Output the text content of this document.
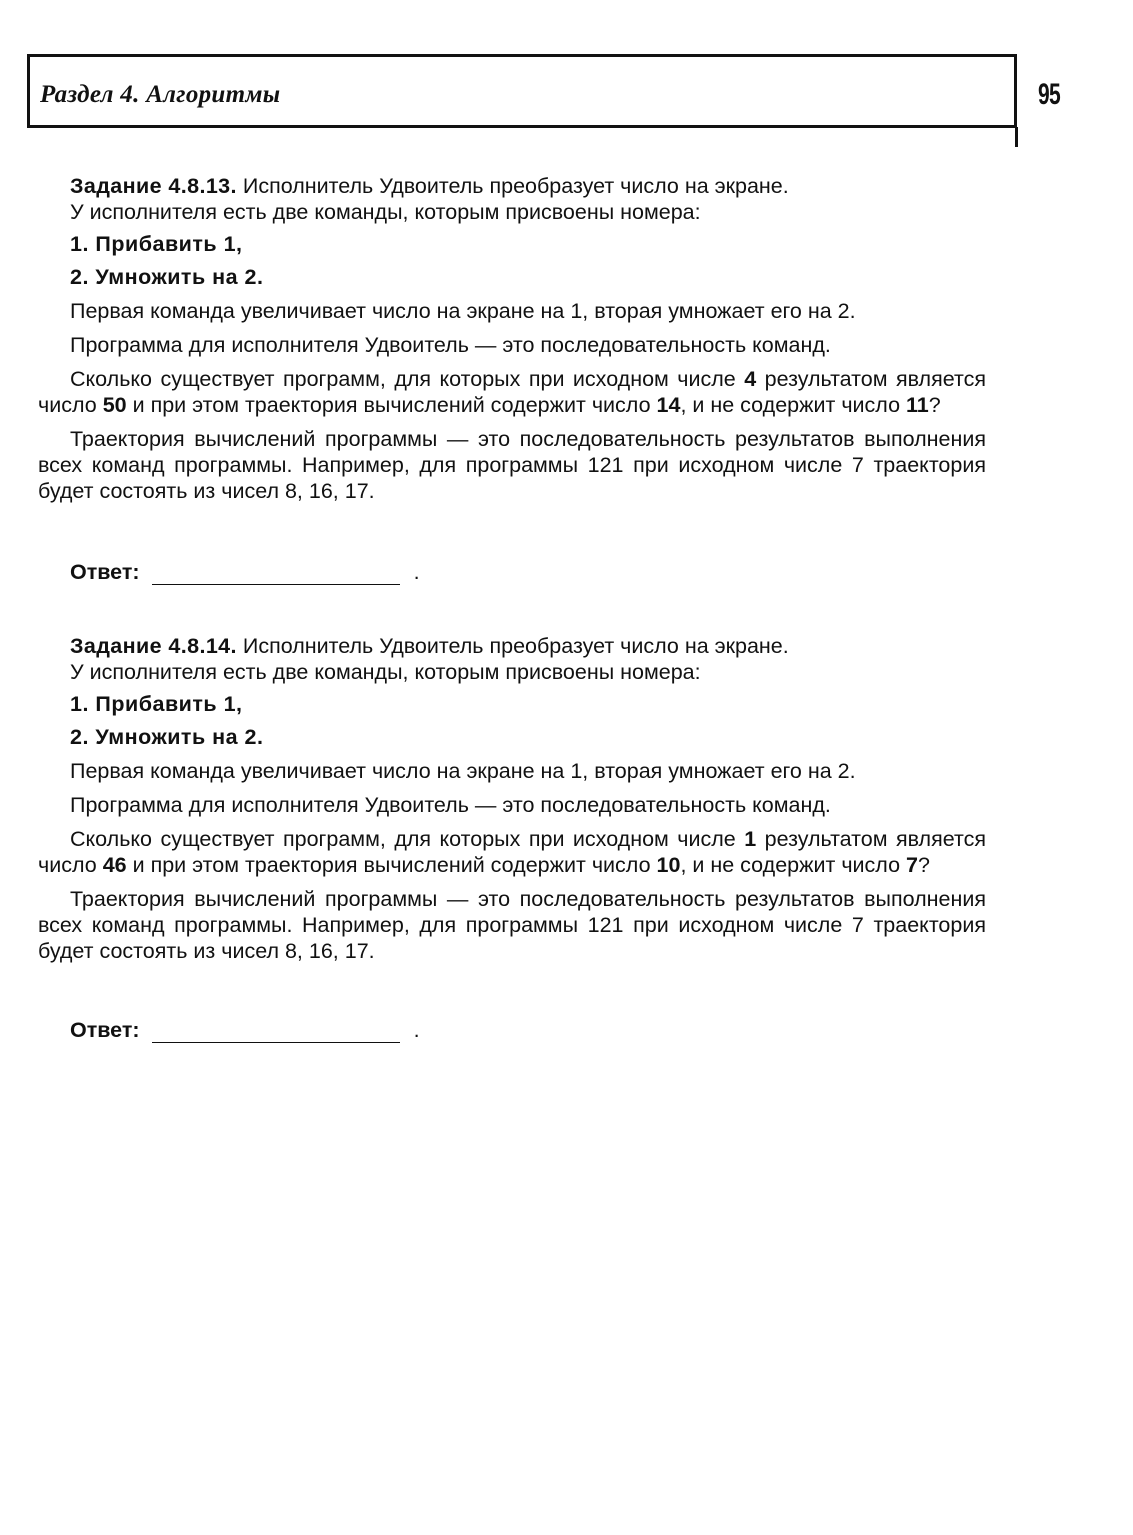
Раздел 4. Алгоритмы	95

Задание 4.8.13. Исполнитель Удвоитель преобразует число на экране.

У исполнителя есть две команды, которым присвоены номера:

1. Прибавить 1,

2. Умножить на 2.

Первая команда увеличивает число на экране на 1, вторая умножает его на 2.

Программа для исполнителя Удвоитель — это последовательность команд.

Сколько существует программ, для которых при исходном числе 4 результатом является число 50 и при этом траектория вычислений содержит число 14, и не содержит число 11?

Траектория вычислений программы — это последовательность результатов выполнения всех команд программы. Например, для программы 121 при исходном числе 7 траектория будет состоять из чисел 8, 16, 17.

Ответ:	.

Задание 4.8.14. Исполнитель Удвоитель преобразует число на экране.

У исполнителя есть две команды, которым присвоены номера:

1. Прибавить 1,

2. Умножить на 2.

Первая команда увеличивает число на экране на 1, вторая умножает его на 2.

Программа для исполнителя Удвоитель — это последовательность команд.

Сколько существует программ, для которых при исходном числе 1 результатом является число 46 и при этом траектория вычислений содержит число 10, и не содержит число 7?

Траектория вычислений программы — это последовательность результатов выполнения всех команд программы. Например, для программы 121 при исходном числе 7 траектория будет состоять из чисел 8, 16, 17.

Ответ:	.
